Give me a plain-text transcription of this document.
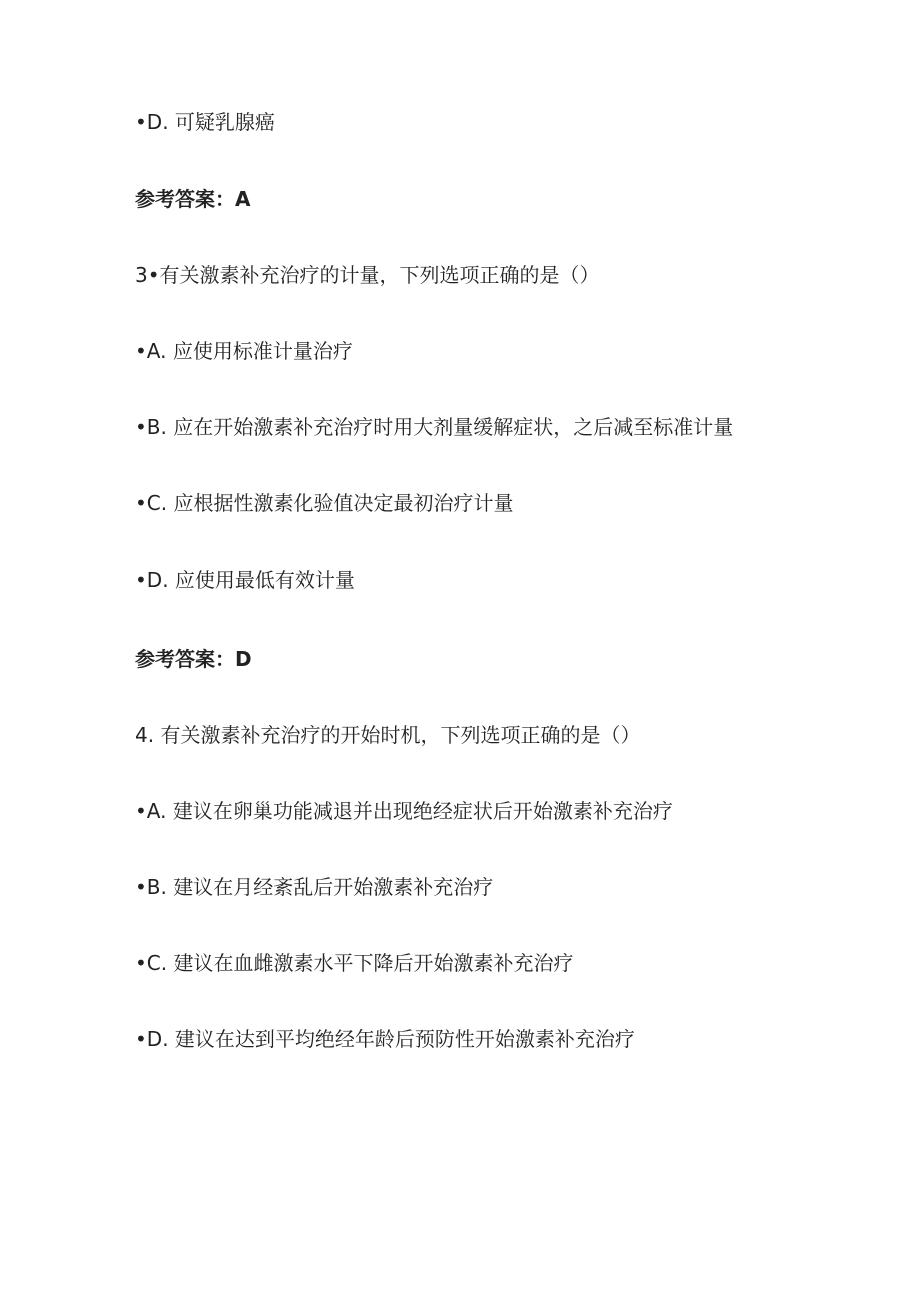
•D. 可疑乳腺癌
参考答案：A
3•有关激素补充治疗的计量，下列选项正确的是（）
•A. 应使用标准计量治疗
•B. 应在开始激素补充治疗时用大剂量缓解症状，之后减至标准计量
•C. 应根据性激素化验值决定最初治疗计量
•D. 应使用最低有效计量
参考答案：D
4. 有关激素补充治疗的开始时机，下列选项正确的是（）
•A. 建议在卵巢功能减退并出现绝经症状后开始激素补充治疗
•B. 建议在月经紊乱后开始激素补充治疗
•C. 建议在血雌激素水平下降后开始激素补充治疗
•D. 建议在达到平均绝经年龄后预防性开始激素补充治疗
